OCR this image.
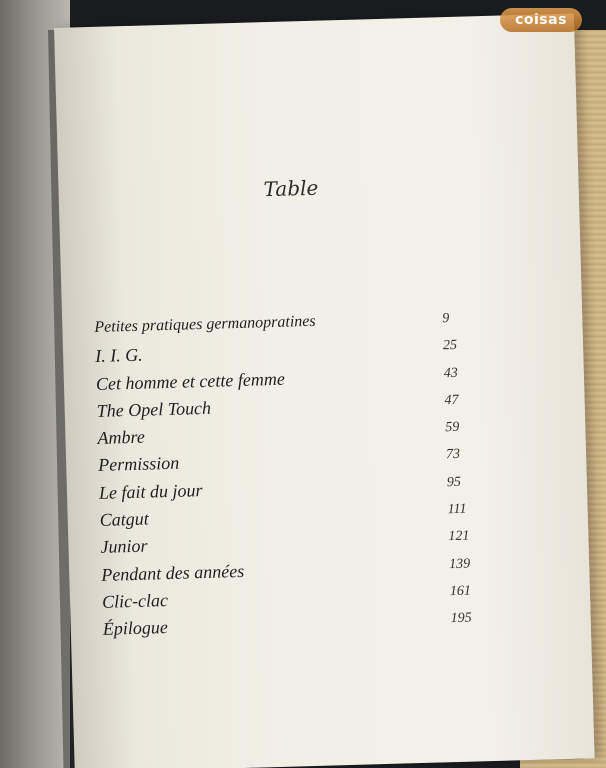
Table
Petites pratiques germanopratines	9
I. I. G.	25
Cet homme et cette femme	43
The Opel Touch	47
Ambre	59
Permission	73
Le fait du jour	95
Catgut	111
Junior	121
Pendant des années	139
Clic-clac	161
Épilogue	195
coisas
